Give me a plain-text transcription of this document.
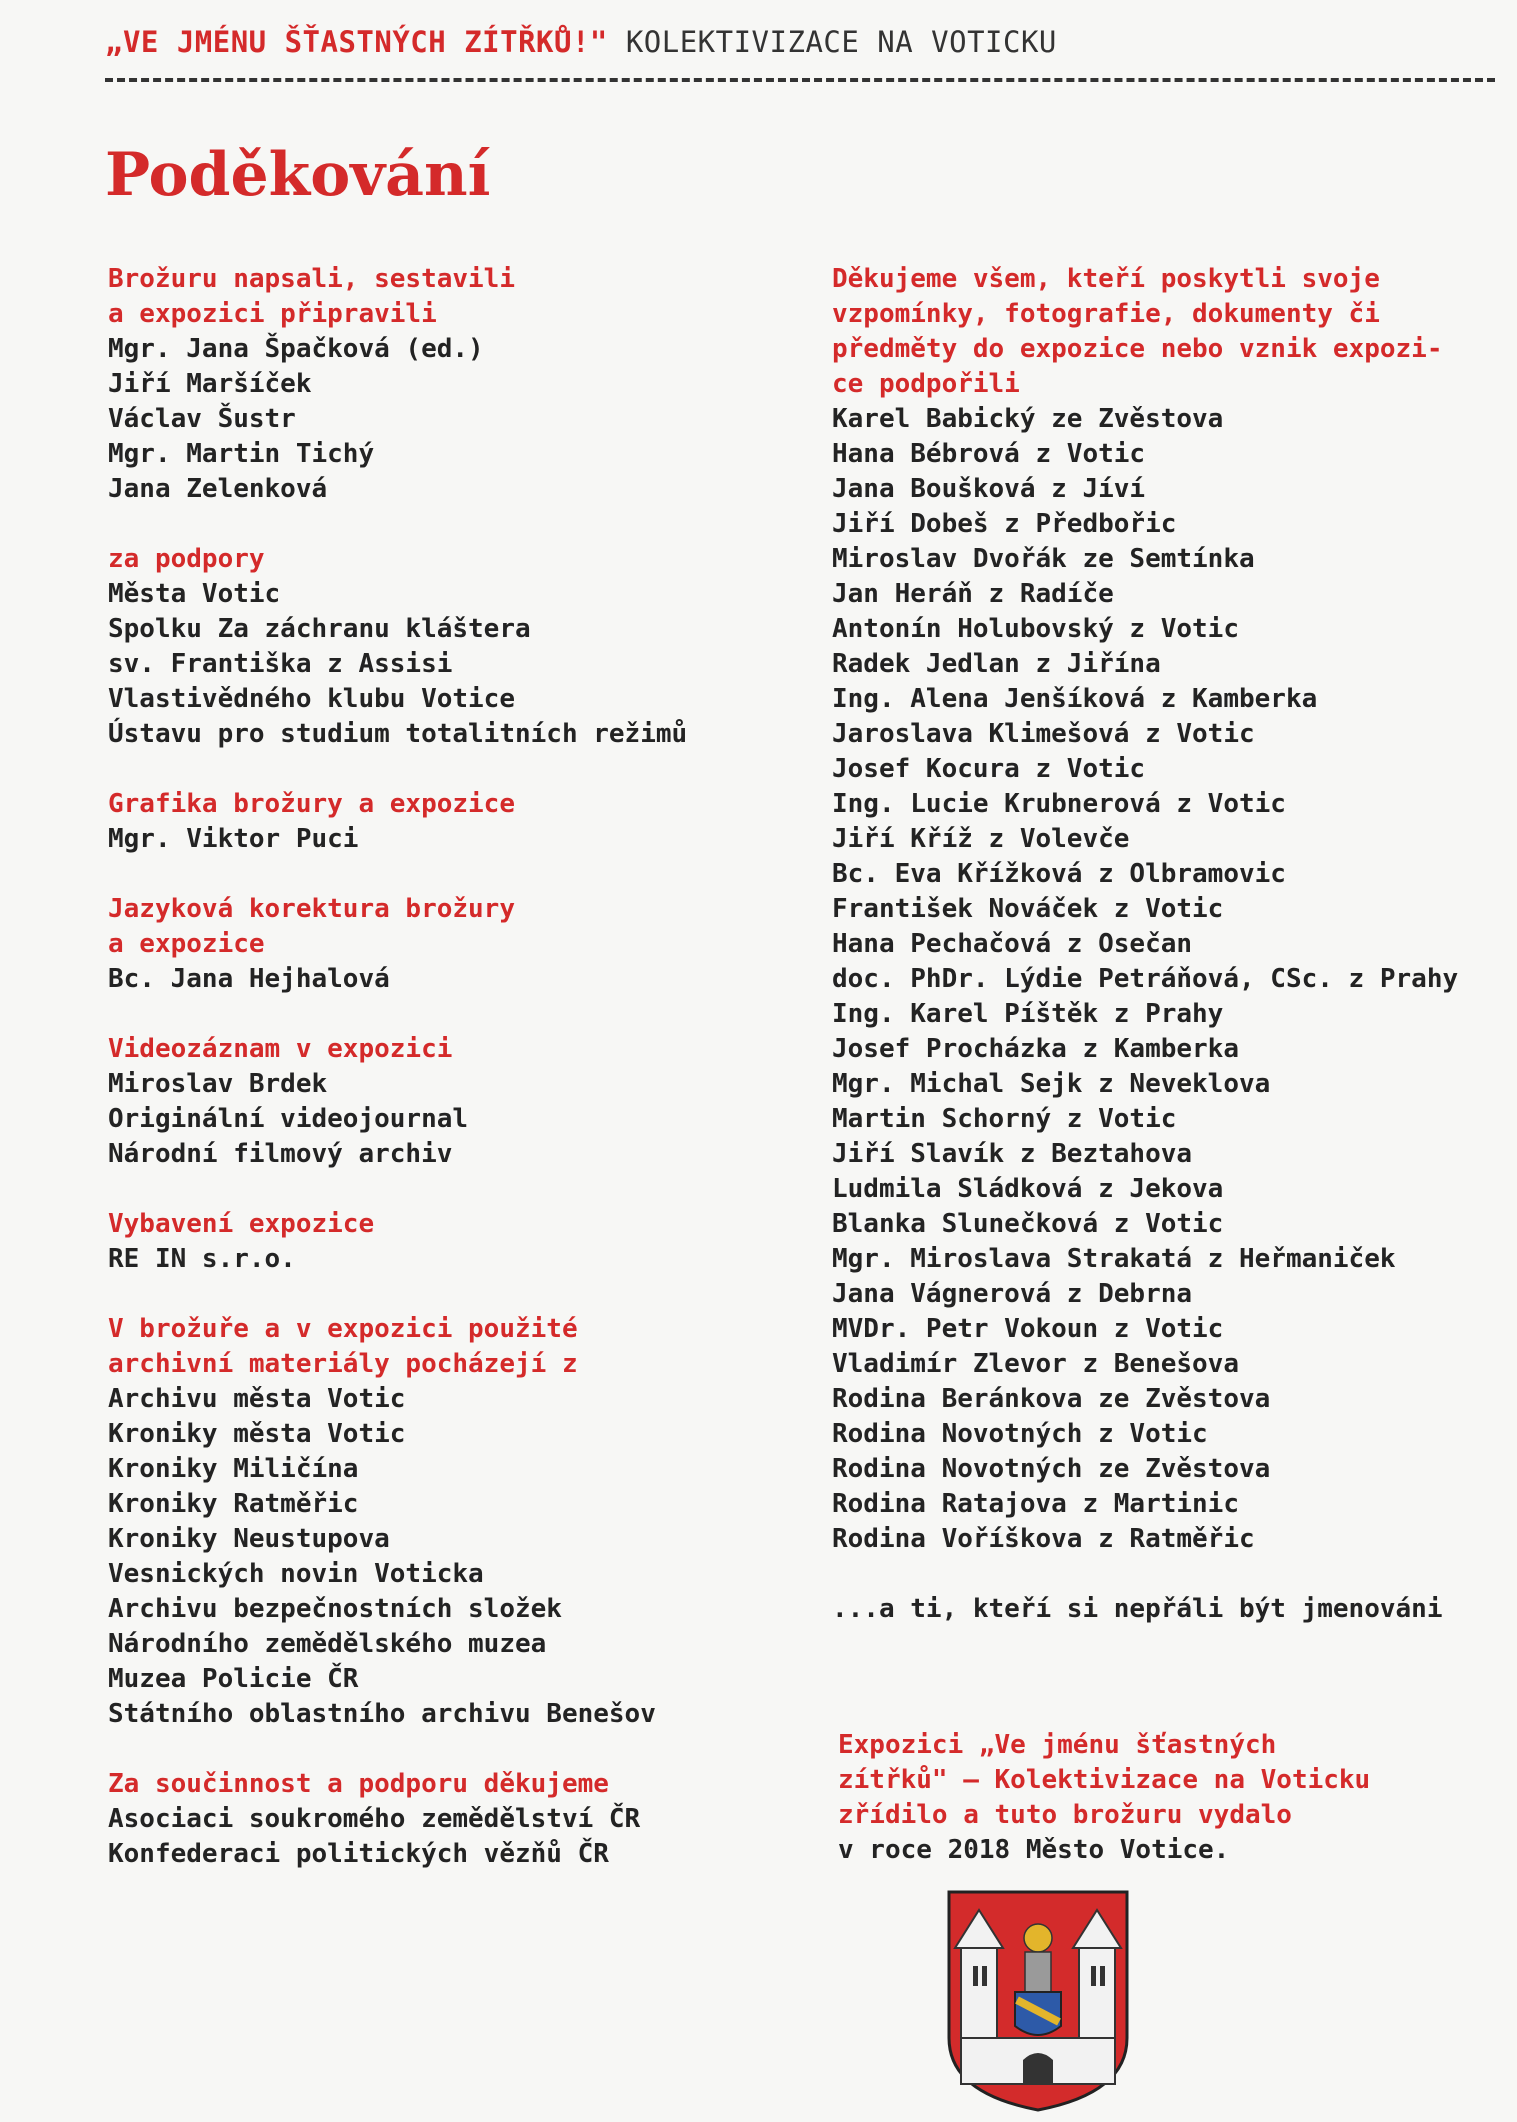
„VE JMÉNU ŠŤASTNÝCH ZÍTŘKŮ!" KOLEKTIVIZACE NA VOTICKU
Poděkování
Brožuru napsali, sestavili
a expozici připravili
Mgr. Jana Špačková (ed.)
Jiří Maršíček
Václav Šustr
Mgr. Martin Tichý
Jana Zelenková
za podpory
Města Votic
Spolku Za záchranu kláštera
sv. Františka z Assisi
Vlastivědného klubu Votice
Ústavu pro studium totalitních režimů
Grafika brožury a expozice
Mgr. Viktor Puci
Jazyková korektura brožury
a expozice
Bc. Jana Hejhalová
Videozáznam v expozici
Miroslav Brdek
Originální videojournal
Národní filmový archiv
Vybavení expozice
RE IN s.r.o.
V brožuře a v expozici použité
archivní materiály pocházejí z
Archivu města Votic
Kroniky města Votic
Kroniky Miličína
Kroniky Ratměřic
Kroniky Neustupova
Vesnických novin Voticka
Archivu bezpečnostních složek
Národního zemědělského muzea
Muzea Policie ČR
Státního oblastního archivu Benešov
Za součinnost a podporu děkujeme
Asociaci soukromého zemědělství ČR
Konfederaci politických vězňů ČR
Děkujeme všem, kteří poskytli svoje
vzpomínky, fotografie, dokumenty či
předměty do expozice nebo vznik expozi-
ce podpořili
Karel Babický ze Zvěstova
Hana Bébrová z Votic
Jana Boušková z Jíví
Jiří Dobeš z Předbořic
Miroslav Dvořák ze Semtínka
Jan Heráň z Radíče
Antonín Holubovský z Votic
Radek Jedlan z Jiřína
Ing. Alena Jenšíková z Kamberka
Jaroslava Klimešová z Votic
Josef Kocura z Votic
Ing. Lucie Krubnerová z Votic
Jiří Kříž z Volevče
Bc. Eva Křížková z Olbramovic
František Nováček z Votic
Hana Pechačová z Osečan
doc. PhDr. Lýdie Petráňová, CSc. z Prahy
Ing. Karel Píštěk z Prahy
Josef Procházka z Kamberka
Mgr. Michal Sejk z Neveklova
Martin Schorný z Votic
Jiří Slavík z Beztahova
Ludmila Sládková z Jekova
Blanka Slunečková z Votic
Mgr. Miroslava Strakatá z Heřmaniček
Jana Vágnerová z Debrna
MVDr. Petr Vokoun z Votic
Vladimír Zlevor z Benešova
Rodina Beránkova ze Zvěstova
Rodina Novotných z Votic
Rodina Novotných ze Zvěstova
Rodina Ratajova z Martinic
Rodina Voříškova z Ratměřic
...a ti, kteří si nepřáli být jmenováni
Expozici „Ve jménu šťastných
zítřků" – Kolektivizace na Voticku
zřídilo a tuto brožuru vydalo
v roce 2018 Město Votice.
